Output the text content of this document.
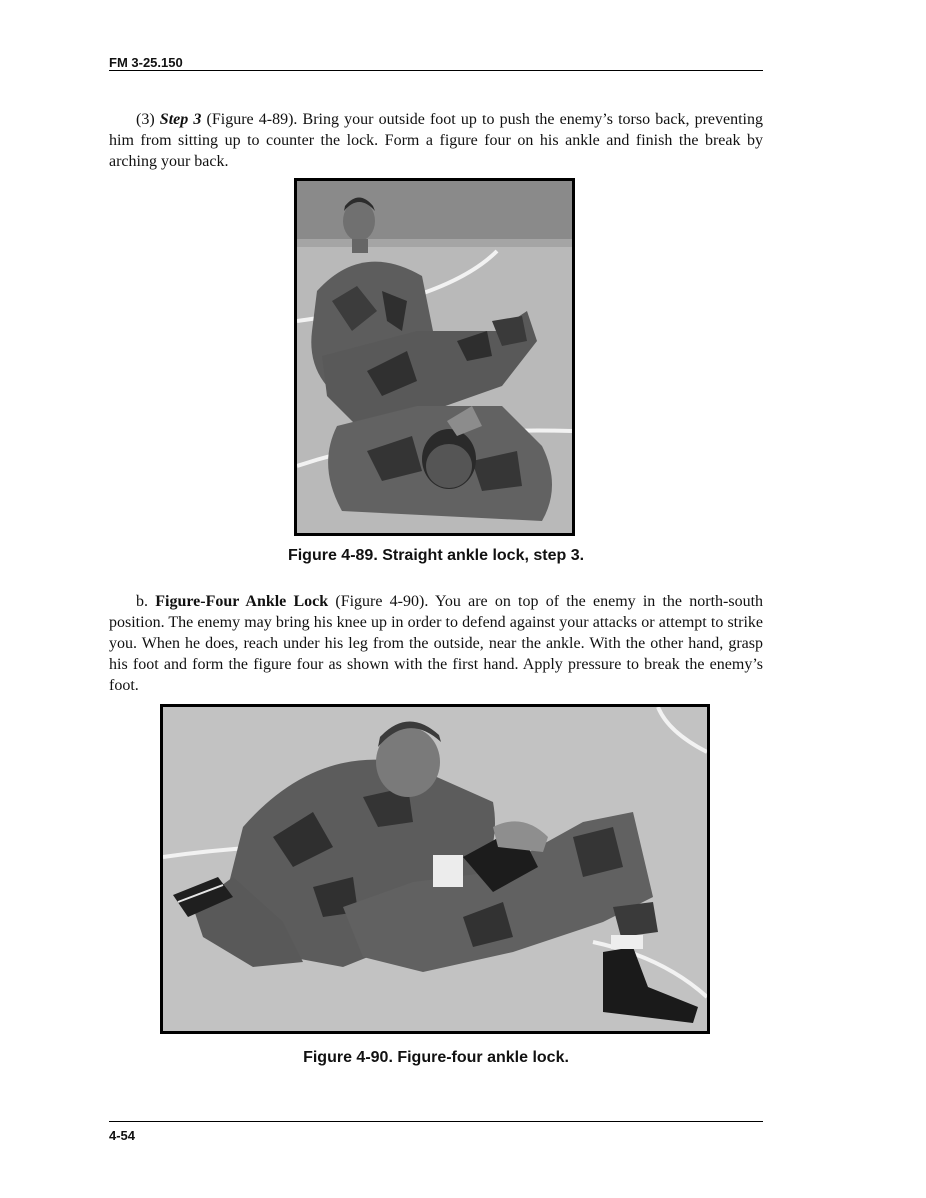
FM 3-25.150

(3) Step 3 (Figure 4-89). Bring your outside foot up to push the enemy’s torso back, preventing him from sitting up to counter the lock. Form a figure four on his ankle and finish the break by arching your back.

Figure 4-89. Straight ankle lock, step 3.

b. Figure-Four Ankle Lock (Figure 4-90). You are on top of the enemy in the north-south position. The enemy may bring his knee up in order to defend against your attacks or attempt to strike you. When he does, reach under his leg from the outside, near the ankle. With the other hand, grasp his foot and form the figure four as shown with the first hand. Apply pressure to break the enemy’s foot.

Figure 4-90. Figure-four ankle lock.
4-54
